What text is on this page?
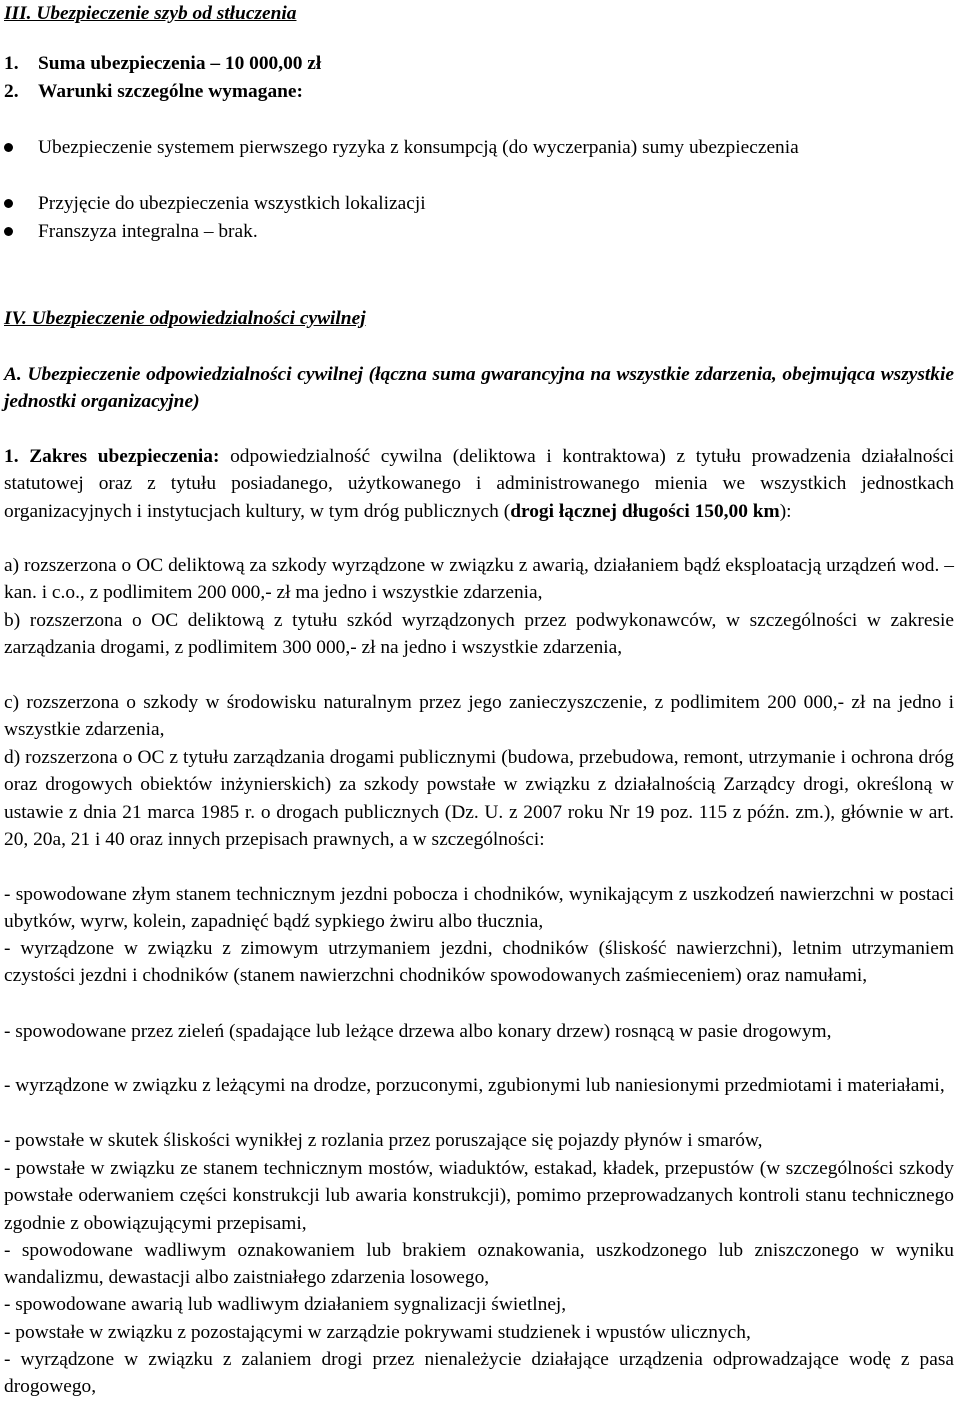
III. Ubezpieczenie szyb od stłuczenia
1. Suma ubezpieczenia – 10 000,00 zł
2. Warunki szczególne wymagane:
Ubezpieczenie systemem pierwszego ryzyka z konsumpcją (do wyczerpania) sumy ubezpieczenia
Przyjęcie do ubezpieczenia wszystkich lokalizacji
Franszyza integralna – brak.
IV. Ubezpieczenie odpowiedzialności cywilnej
A. Ubezpieczenie odpowiedzialności cywilnej (łączna suma gwarancyjna na wszystkie zdarzenia, obejmująca wszystkie jednostki organizacyjne)
1. Zakres ubezpieczenia: odpowiedzialność cywilna (deliktowa i kontraktowa) z tytułu prowadzenia działalności statutowej oraz z tytułu posiadanego, użytkowanego i administrowanego mienia we wszystkich jednostkach organizacyjnych i instytucjach kultury, w tym dróg publicznych (drogi łącznej długości 150,00 km):
a) rozszerzona o OC deliktową za szkody wyrządzone w związku z awarią, działaniem bądź eksploatacją urządzeń wod. – kan. i c.o., z podlimitem 200 000,- zł ma jedno i wszystkie zdarzenia,
b) rozszerzona o OC deliktową z tytułu szkód wyrządzonych przez podwykonawców, w szczególności w zakresie zarządzania drogami, z podlimitem 300 000,- zł na jedno i wszystkie zdarzenia,
c) rozszerzona o szkody w środowisku naturalnym przez jego zanieczyszczenie, z podlimitem 200 000,- zł na jedno i wszystkie zdarzenia,
d) rozszerzona o OC z tytułu zarządzania drogami publicznymi (budowa, przebudowa, remont, utrzymanie i ochrona dróg oraz drogowych obiektów inżynierskich) za szkody powstałe w związku z działalnością Zarządcy drogi, określoną w ustawie z dnia 21 marca 1985 r. o drogach publicznych (Dz. U. z 2007 roku Nr 19 poz. 115 z późn. zm.), głównie w art. 20, 20a, 21 i 40 oraz innych przepisach prawnych, a w szczególności:
- spowodowane złym stanem technicznym jezdni pobocza i chodników, wynikającym z uszkodzeń nawierzchni w postaci ubytków, wyrw, kolein, zapadnięć bądź sypkiego żwiru albo tłucznia,
- wyrządzone w związku z zimowym utrzymaniem jezdni, chodników (śliskość nawierzchni), letnim utrzymaniem czystości jezdni i chodników (stanem nawierzchni chodników spowodowanych zaśmieceniem) oraz namułami,
- spowodowane przez zieleń (spadające lub leżące drzewa albo konary drzew) rosnącą w pasie drogowym,
- wyrządzone w związku z leżącymi na drodze, porzuconymi, zgubionymi lub naniesionymi przedmiotami i materiałami,
- powstałe w skutek śliskości wynikłej z rozlania przez poruszające się pojazdy płynów i smarów,
- powstałe w związku ze stanem technicznym mostów, wiaduktów, estakad, kładek, przepustów (w szczególności szkody powstałe oderwaniem części konstrukcji lub awaria konstrukcji), pomimo przeprowadzanych kontroli stanu technicznego zgodnie z obowiązującymi przepisami,
- spowodowane wadliwym oznakowaniem lub brakiem oznakowania, uszkodzonego lub zniszczonego w wyniku wandalizmu, dewastacji albo zaistniałego zdarzenia losowego,
- spowodowane awarią lub wadliwym działaniem sygnalizacji świetlnej,
- powstałe w związku z pozostającymi w zarządzie pokrywami studzienek i wpustów ulicznych,
- wyrządzone w związku z zalaniem drogi przez nienależycie działające urządzenia odprowadzające wodę z pasa drogowego,
